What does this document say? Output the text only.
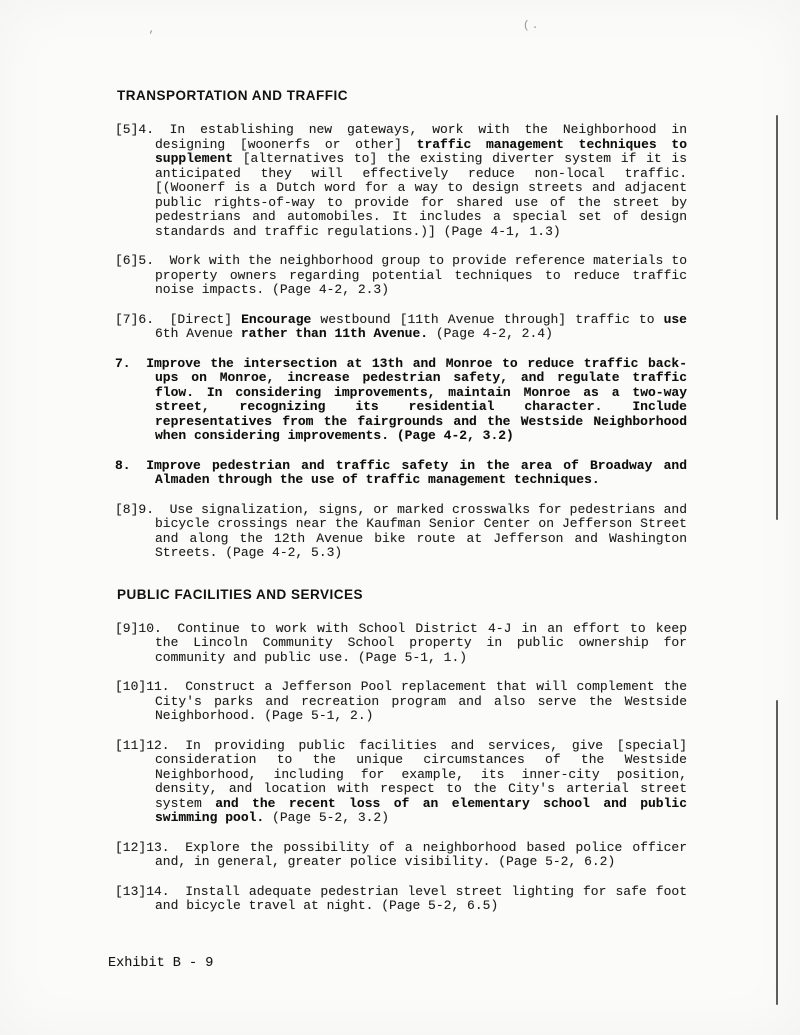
‚	( .
TRANSPORTATION AND TRAFFIC
[5]4. In establishing new gateways, work with the Neighborhood in designing [woonerfs or other] traffic management techniques to supplement [alternatives to] the existing diverter system if it is anticipated they will effectively reduce non-local traffic. [(Woonerf is a Dutch word for a way to design streets and adjacent public rights-of-way to provide for shared use of the street by pedestrians and automobiles. It includes a special set of design standards and traffic regulations.)] (Page 4-1, 1.3)
[6]5. Work with the neighborhood group to provide reference materials to property owners regarding potential techniques to reduce traffic noise impacts. (Page 4-2, 2.3)
[7]6. [Direct] Encourage westbound [11th Avenue through] traffic to use 6th Avenue rather than 11th Avenue. (Page 4-2, 2.4)
7. Improve the intersection at 13th and Monroe to reduce traffic back-ups on Monroe, increase pedestrian safety, and regulate traffic flow. In considering improvements, maintain Monroe as a two-way street, recognizing its residential character. Include representatives from the fairgrounds and the Westside Neighborhood when considering improvements. (Page 4-2, 3.2)
8. Improve pedestrian and traffic safety in the area of Broadway and Almaden through the use of traffic management techniques.
[8]9. Use signalization, signs, or marked crosswalks for pedestrians and bicycle crossings near the Kaufman Senior Center on Jefferson Street and along the 12th Avenue bike route at Jefferson and Washington Streets. (Page 4-2, 5.3)
PUBLIC FACILITIES AND SERVICES
[9]10. Continue to work with School District 4-J in an effort to keep the Lincoln Community School property in public ownership for community and public use. (Page 5-1, 1.)
[10]11. Construct a Jefferson Pool replacement that will complement the City's parks and recreation program and also serve the Westside Neighborhood. (Page 5-1, 2.)
[11]12. In providing public facilities and services, give [special] consideration to the unique circumstances of the Westside Neighborhood, including for example, its inner-city position, density, and location with respect to the City's arterial street system and the recent loss of an elementary school and public swimming pool. (Page 5-2, 3.2)
[12]13. Explore the possibility of a neighborhood based police officer and, in general, greater police visibility. (Page 5-2, 6.2)
[13]14. Install adequate pedestrian level street lighting for safe foot and bicycle travel at night. (Page 5-2, 6.5)
Exhibit B - 9
